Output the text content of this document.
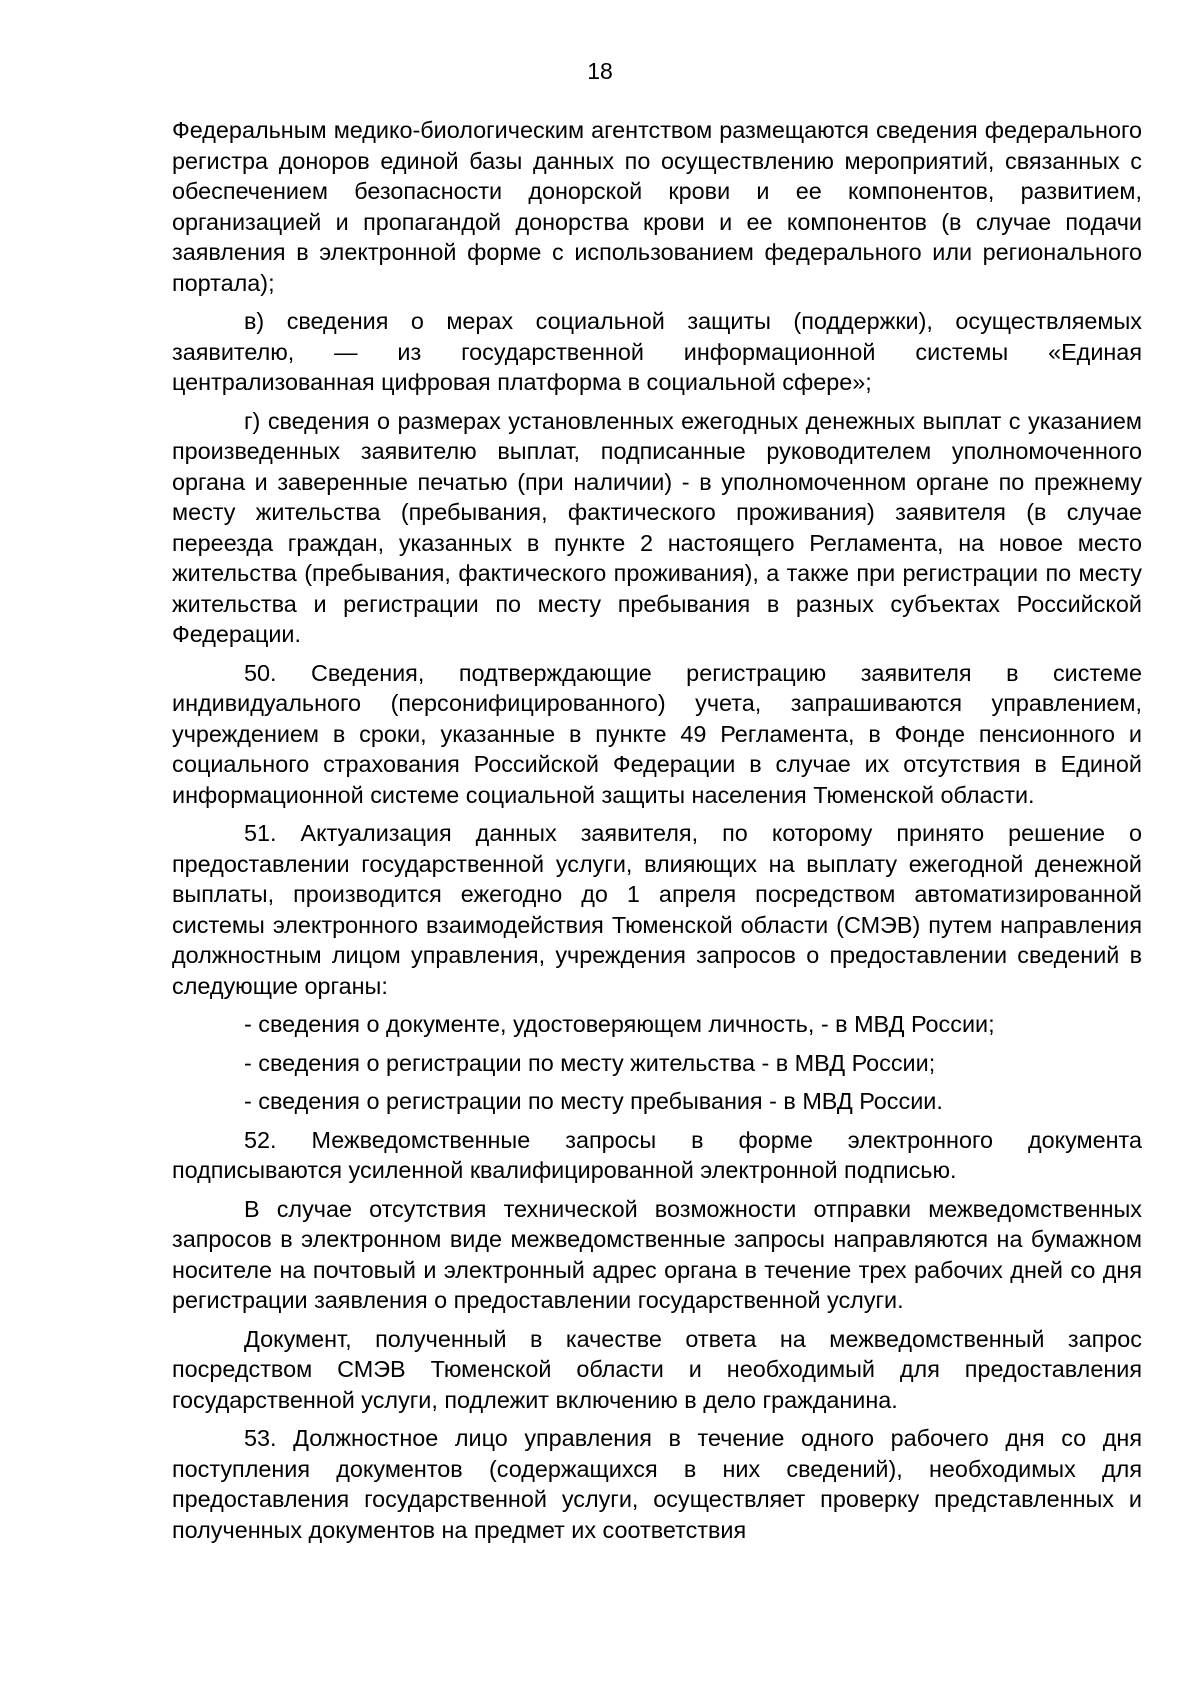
18

Федеральным медико-биологическим агентством размещаются сведения федерального регистра доноров единой базы данных по осуществлению мероприятий, связанных с обеспечением безопасности донорской крови и ее компонентов, развитием, организацией и пропагандой донорства крови и ее компонентов (в случае подачи заявления в электронной форме с использованием федерального или регионального портала);

в) сведения о мерах социальной защиты (поддержки), осуществляемых заявителю, — из государственной информационной системы «Единая централизованная цифровая платформа в социальной сфере»;

г) сведения о размерах установленных ежегодных денежных выплат с указанием произведенных заявителю выплат, подписанные руководителем уполномоченного органа и заверенные печатью (при наличии) - в уполномоченном органе по прежнему месту жительства (пребывания, фактического проживания) заявителя (в случае переезда граждан, указанных в пункте 2 настоящего Регламента, на новое место жительства (пребывания, фактического проживания), а также при регистрации по месту жительства и регистрации по месту пребывания в разных субъектах Российской Федерации.

50. Сведения, подтверждающие регистрацию заявителя в системе индивидуального (персонифицированного) учета, запрашиваются управлением, учреждением в сроки, указанные в пункте 49 Регламента, в Фонде пенсионного и социального страхования Российской Федерации в случае их отсутствия в Единой информационной системе социальной защиты населения Тюменской области.

51. Актуализация данных заявителя, по которому принято решение о предоставлении государственной услуги, влияющих на выплату ежегодной денежной выплаты, производится ежегодно до 1 апреля посредством автоматизированной системы электронного взаимодействия Тюменской области (СМЭВ) путем направления должностным лицом управления, учреждения запросов о предоставлении сведений в следующие органы:

- сведения о документе, удостоверяющем личность, - в МВД России;

- сведения о регистрации по месту жительства - в МВД России;

- сведения о регистрации по месту пребывания - в МВД России.

52. Межведомственные запросы в форме электронного документа подписываются усиленной квалифицированной электронной подписью.

В случае отсутствия технической возможности отправки межведомственных запросов в электронном виде межведомственные запросы направляются на бумажном носителе на почтовый и электронный адрес органа в течение трех рабочих дней со дня регистрации заявления о предоставлении государственной услуги.

Документ, полученный в качестве ответа на межведомственный запрос посредством СМЭВ Тюменской области и необходимый для предоставления государственной услуги, подлежит включению в дело гражданина.

53. Должностное лицо управления в течение одного рабочего дня со дня поступления документов (содержащихся в них сведений), необходимых для предоставления государственной услуги, осуществляет проверку представленных и полученных документов на предмет их соответствия
